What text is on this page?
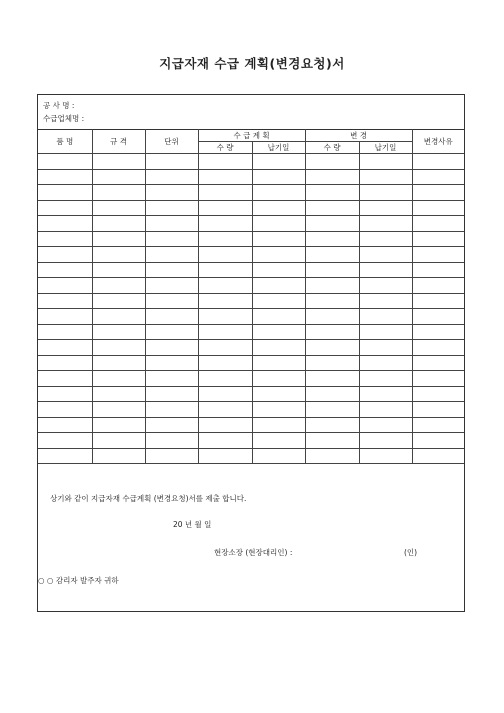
지급자재 수급 계획(변경요청)서
공 사 명 :
수급업체명 :
품 명	규 격	단위	수 급 계 획		변 경		변경사유
			수 량	납기일	수 량	납기일	

상기와 같이 지급자재 수급계획 (변경요청)서를 제출 합니다.
20 년 월 일
현장소장 (현장대리인) :	(인)
○ ○ 감리자 발주자 귀하
